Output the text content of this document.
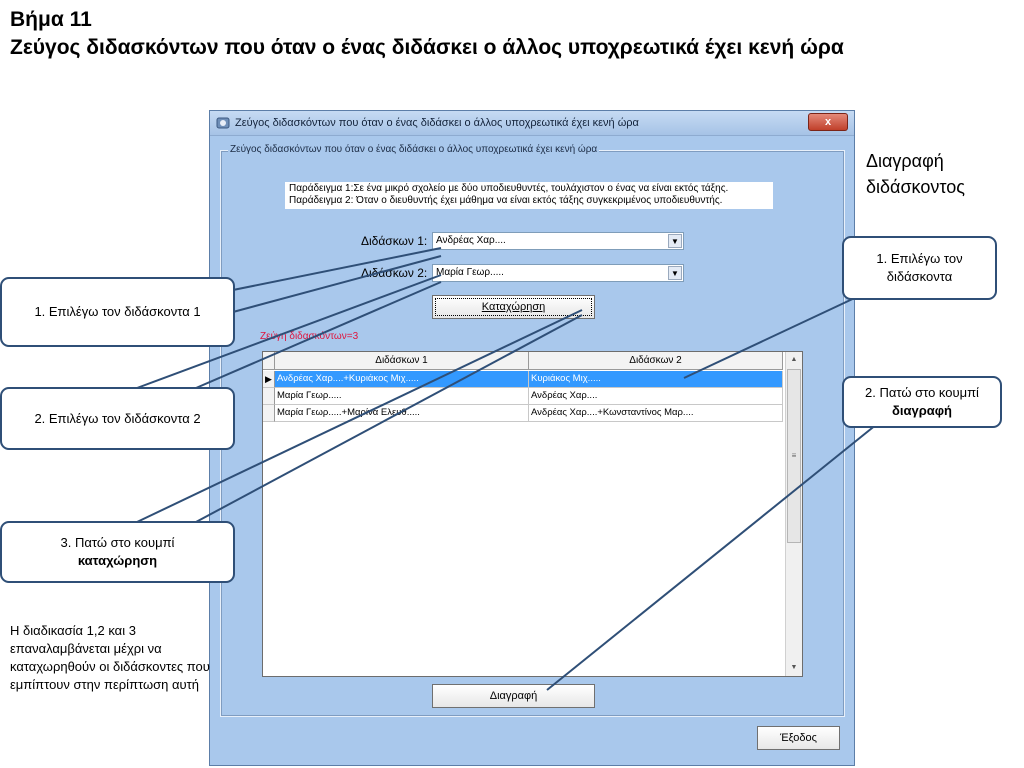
Βήμα 11
Ζεύγος διδασκόντων που όταν ο ένας διδάσκει ο άλλος υποχρεωτικά έχει κενή ώρα
Ζεύγος διδασκόντων που όταν ο ένας διδάσκει ο άλλος υποχρεωτικά έχει κενή ώρα	x
Ζεύγος διδασκόντων που όταν ο ένας διδάσκει ο άλλος υποχρεωτικά έχει κενή ώρα
Παράδειγμα 1:Σε ένα μικρό σχολείο με δύο υποδιευθυντές, τουλάχιστον ο ένας να είναι εκτός τάξης.
Παράδειγμα 2: Όταν ο διευθυντής έχει μάθημα να είναι εκτός τάξης συγκεκριμένος υποδιευθυντής.
Διδάσκων 1: Ανδρέας Χαρ....	▼
Διδάσκων 2: Μαρία Γεωρ.....	▼
Καταχώρηση
Ζεύγη διδασκόντων=3
Διδάσκων 1	Διδάσκων 2
▶ Ανδρέας Χαρ....+Κυριάκος Μιχ.....	Κυριάκος Μιχ.....
Μαρία Γεωρ.....	Ανδρέας Χαρ....
Μαρία Γεωρ.....+Μαρίνα Ελευθ.....	Ανδρέας Χαρ....+Κωνσταντίνος Μαρ....
▲
≡
▼
Διαγραφή
Έξοδος
1. Επιλέγω τον διδάσκοντα 1
2. Επιλέγω τον διδάσκοντα 2
3. Πατώ στο κουμπί
καταχώρηση
1. Επιλέγω τον διδάσκοντα
2. Πατώ στο κουμπί
διαγραφή
Διαγραφή διδάσκοντος
Η διαδικασία 1,2 και 3 επαναλαμβάνεται μέχρι να καταχωρηθούν οι διδάσκοντες που εμπίπτουν στην περίπτωση αυτή
